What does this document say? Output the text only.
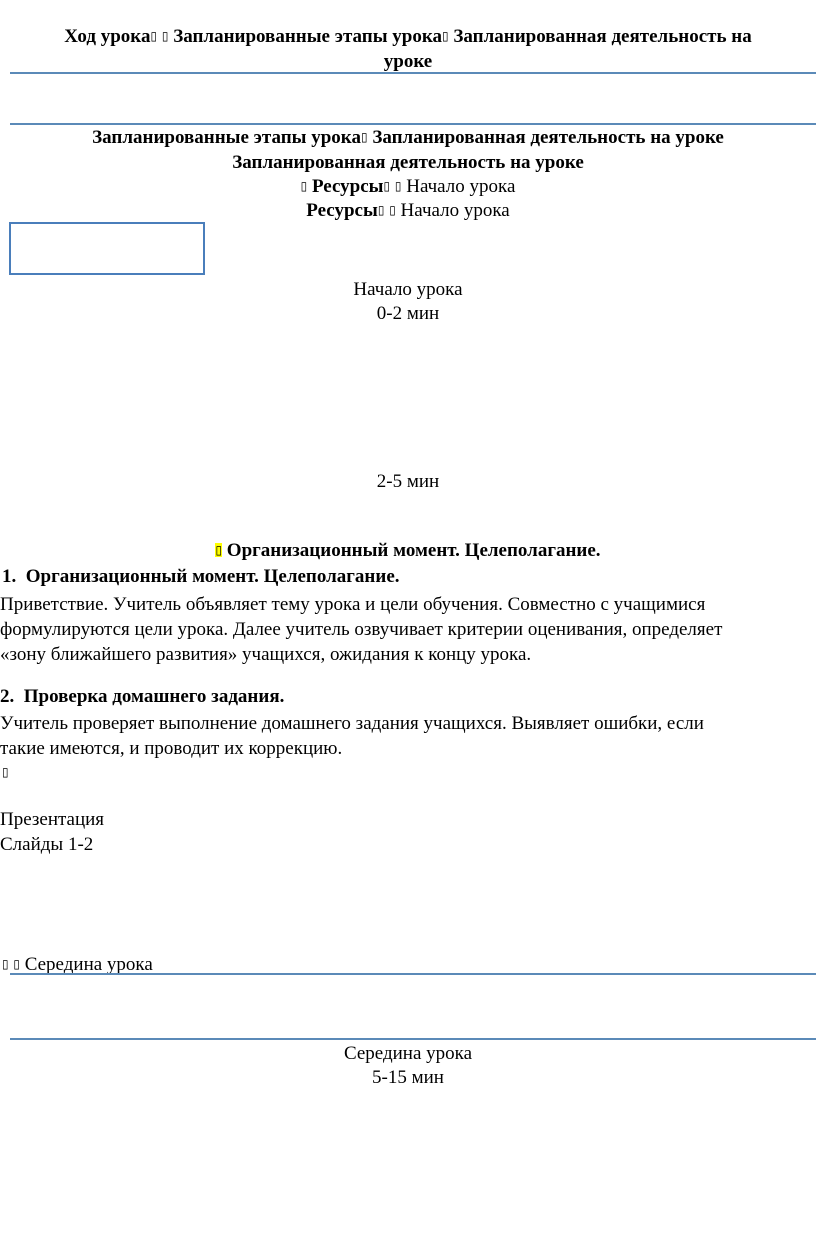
Ход урока▯ ▯ Запланированные этапы урока▯ Запланированная деятельность на
уроке
Запланированные этапы урока▯ Запланированная деятельность на уроке
Запланированная деятельность на уроке
▯ Ресурсы▯ ▯ Начало урока
Ресурсы▯ ▯ Начало урока
Начало урока
0-2 мин
2-5 мин
▯ Организационный момент. Целеполагание.
1. Организационный момент. Целеполагание.
Приветствие. Учитель объявляет тему урока и цели обучения. Совместно с учащимися
формулируются цели урока. Далее учитель озвучивает критерии оценивания, определяет
«зону ближайшего развития» учащихся, ожидания к концу урока.
2. Проверка домашнего задания.
Учитель проверяет выполнение домашнего задания учащихся. Выявляет ошибки, если
такие имеются, и проводит их коррекцию.
▯
Презентация
Слайды 1-2
▯ ▯ Середина урока
Середина урока
5-15 мин
